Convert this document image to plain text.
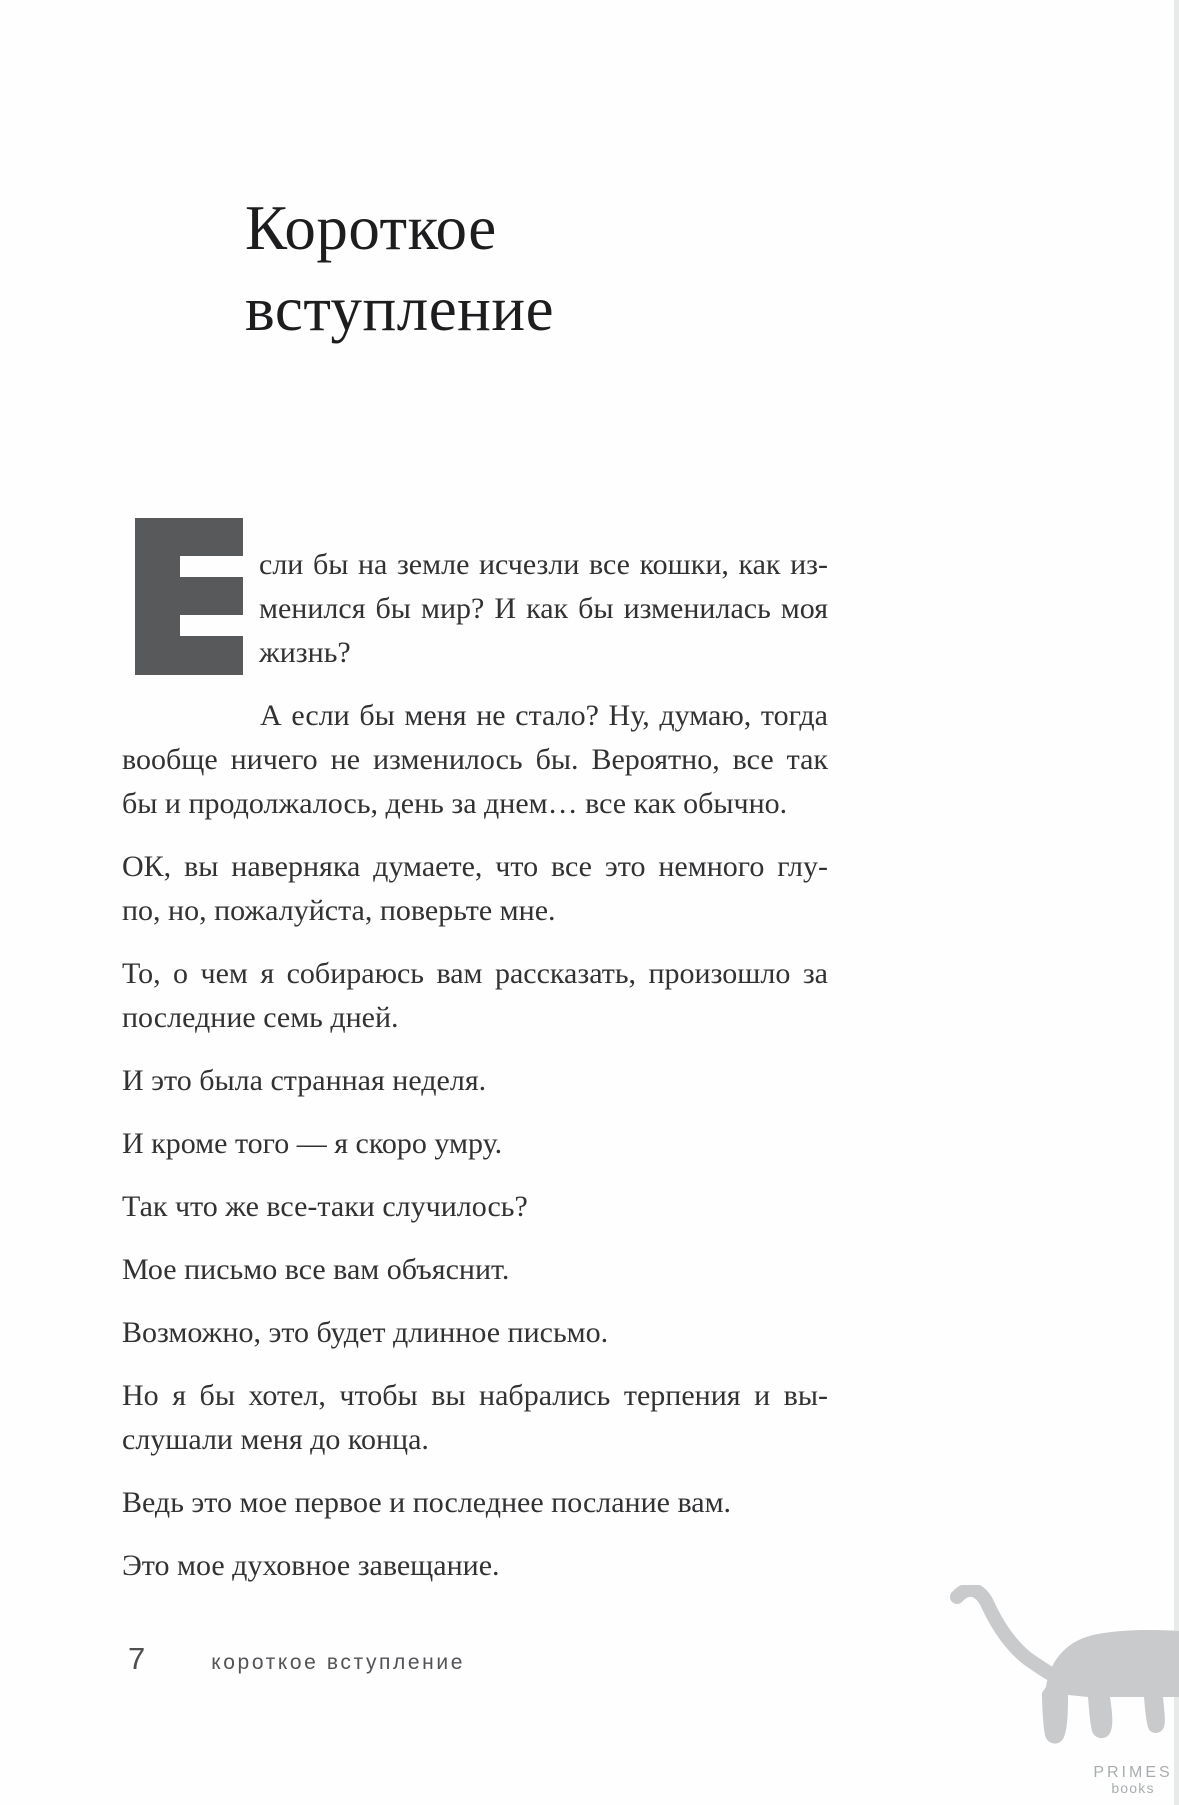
Короткое
вступление
сли бы на земле исчезли все кошки, как из-
менился бы мир? И как бы изменилась моя
жизнь?
А если бы меня не стало? Ну, думаю, тогда
вообще ничего не изменилось бы. Вероятно, все так
бы и продолжалось, день за днем… все как обычно.
ОК, вы наверняка думаете, что все это немного глу-
по, но, пожалуйста, поверьте мне.
То, о чем я собираюсь вам рассказать, произошло за
последние семь дней.
И это была странная неделя.
И кроме того — я скоро умру.
Так что же все-таки случилось?
Мое письмо все вам объяснит.
Возможно, это будет длинное письмо.
Но я бы хотел, чтобы вы набрались терпения и вы-
слушали меня до конца.
Ведь это мое первое и последнее послание вам.
Это мое духовное завещание.
7	короткое вступление
PRIMES
books
